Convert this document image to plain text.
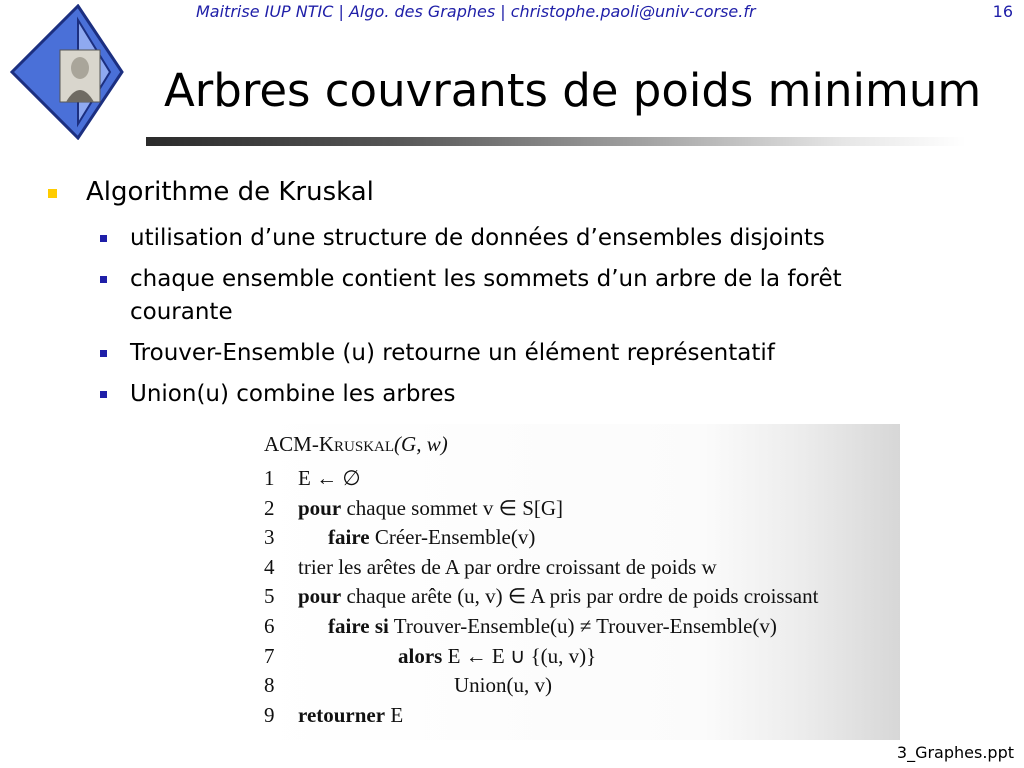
Maitrise IUP NTIC | Algo. des Graphes | christophe.paoli@univ-corse.fr	16
Arbres couvrants de poids minimum
Algorithme de Kruskal
utilisation d’une structure de données d’ensembles disjoints
chaque ensemble contient les sommets d’un arbre de la forêt courante
Trouver-Ensemble (u) retourne un élément représentatif
Union(u) combine les arbres
ACM-Kruskal(G, w)
1 E ← ∅
2 pour chaque sommet v ∈ S[G]
3	faire Créer-Ensemble(v)
4 trier les arêtes de A par ordre croissant de poids w
5 pour chaque arête (u, v) ∈ A pris par ordre de poids croissant
6	faire si Trouver-Ensemble(u) ≠ Trouver-Ensemble(v)
7	alors E ← E ∪ {(u, v)}
8	Union(u, v)
9 retourner E
3_Graphes.ppt
